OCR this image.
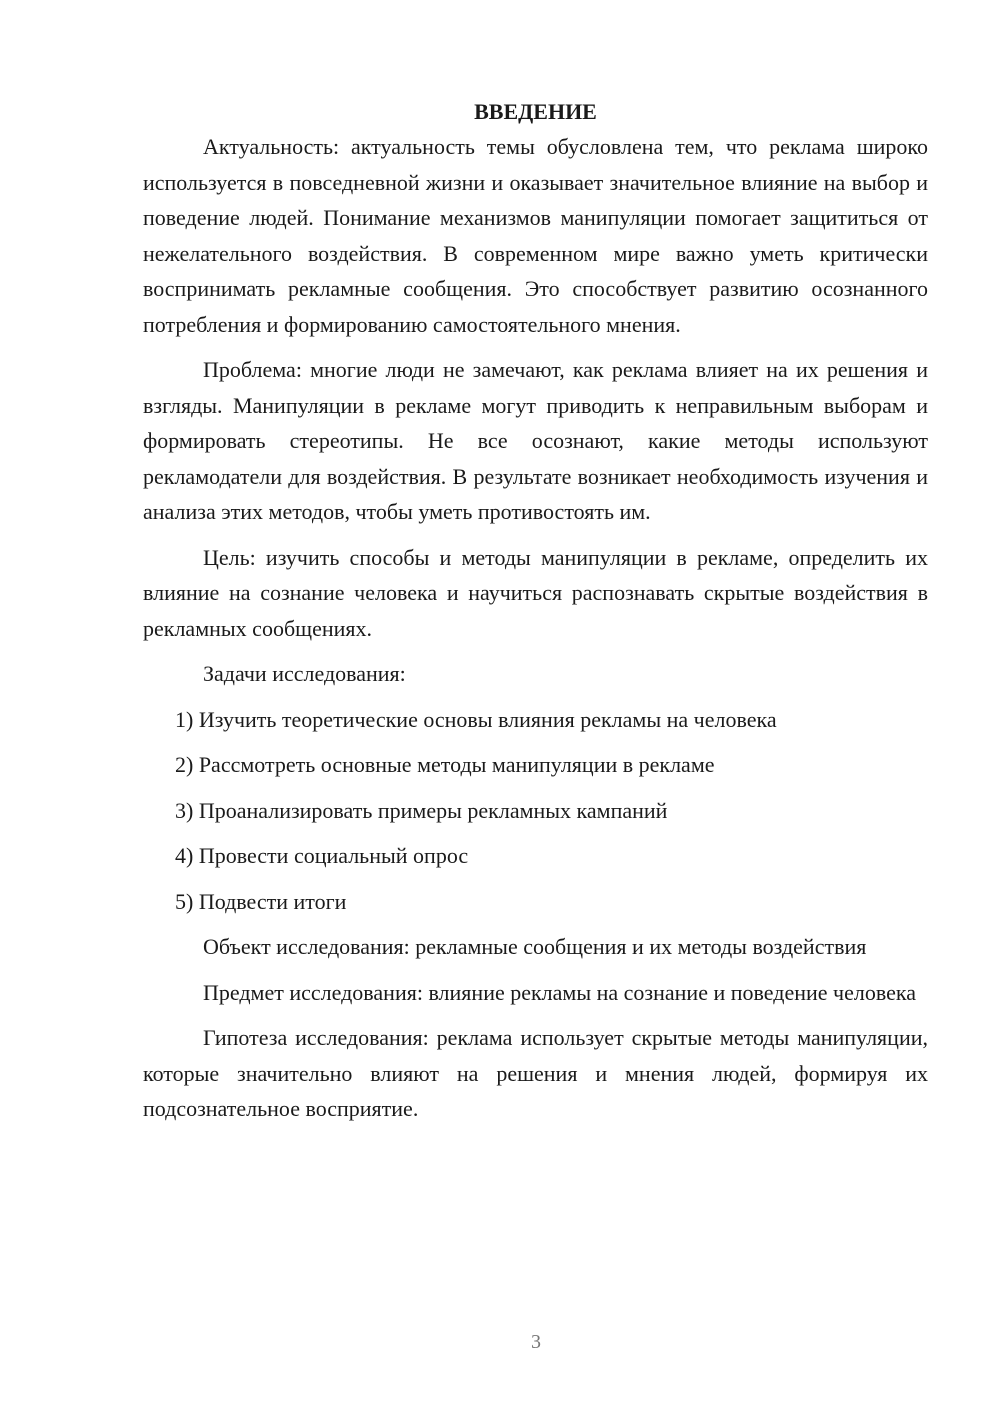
ВВЕДЕНИЕ

Актуальность: актуальность темы обусловлена тем, что реклама широко используется в повседневной жизни и оказывает значительное влияние на выбор и поведение людей. Понимание механизмов манипуляции помогает защититься от нежелательного воздействия. В современном мире важно уметь критически воспринимать рекламные сообщения. Это способствует развитию осознанного потребления и формированию самостоятельного мнения.

Проблема: многие люди не замечают, как реклама влияет на их решения и взгляды. Манипуляции в рекламе могут приводить к неправильным выборам и формировать стереотипы. Не все осознают, какие методы используют рекламодатели для воздействия. В результате возникает необходимость изучения и анализа этих методов, чтобы уметь противостоять им.

Цель: изучить способы и методы манипуляции в рекламе, определить их влияние на сознание человека и научиться распознавать скрытые воздействия в рекламных сообщениях.

Задачи исследования:

1) Изучить теоретические основы влияния рекламы на человека
2) Рассмотреть основные методы манипуляции в рекламе
3) Проанализировать примеры рекламных кампаний
4) Провести социальный опрос
5) Подвести итоги

Объект исследования: рекламные сообщения и их методы воздействия

Предмет исследования: влияние рекламы на сознание и поведение человека

Гипотеза исследования: реклама использует скрытые методы манипуляции, которые значительно влияют на решения и мнения людей, формируя их подсознательное восприятие.

3
